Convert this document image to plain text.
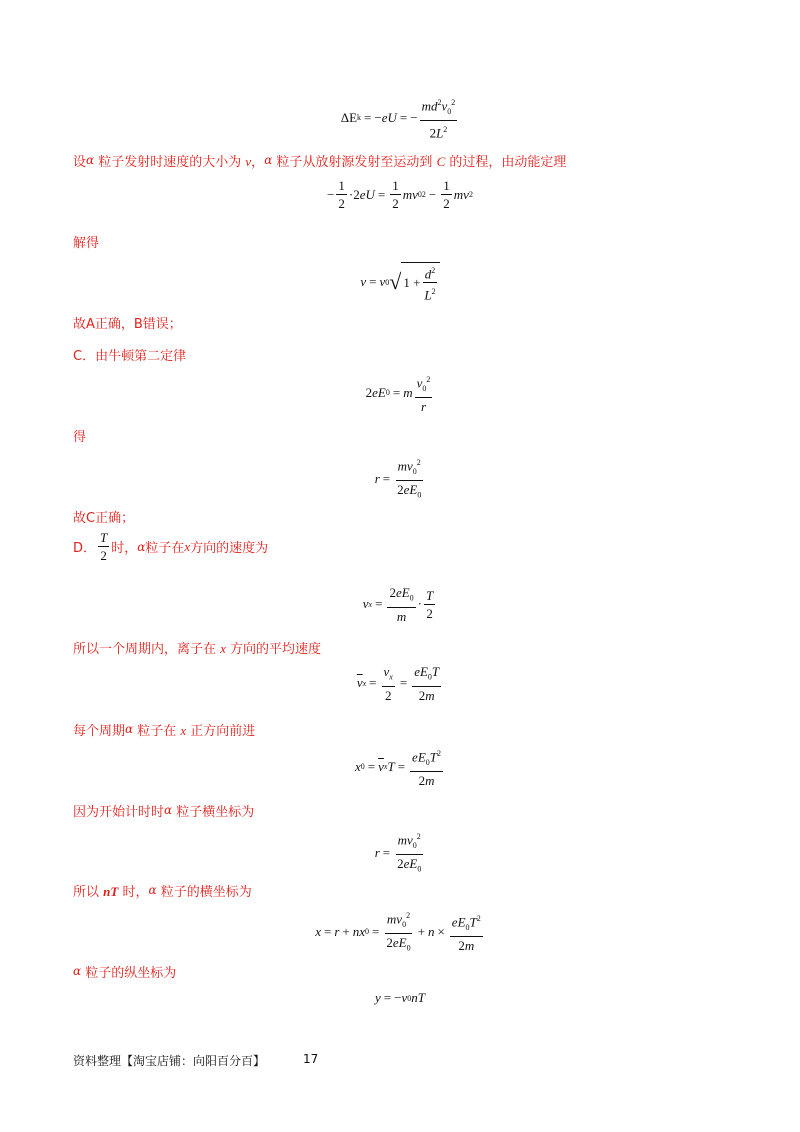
ΔE k = − eU = − $\frac{md^2v_0^2}{2L^2}$
设α 粒子发射时速度的大小为 v，α 粒子从放射源发射至运动到 C 的过程，由动能定理
− $\frac{1}{2} \cdot 2$ eU = $\frac{1}{2}$ mv 0 $2 - \frac{1}{2}$ mv 2
解得
v = v 0 √ $1 + \frac{d^2}{L^2}$
故A正确，B错误；
C．由牛顿第二定律
2 eE 0 = m $\frac{v_0^2}{r}$
得
$r = \frac{mv_0^2}{2eE_0}$
故C正确；
D． $\frac{T}{2}$ 时， α 粒子在 x 方向的速度为
v $x = \frac{2eE_0}{m} \cdot \frac{T}{2}$
所以一个周期内，离子在 x 方向的平均速度
$\overline{v}$ $x = \frac{v_x}{2} = \frac{eE_0T}{2m}$
每个周期α 粒子在 x 正方向前进
x $0 = \overline{v}$ x $T = \frac{eE_0T^2}{2m}$
因为开始计时时α 粒子横坐标为
$r = \frac{mv_0^2}{2eE_0}$
所以 nT 时，α 粒子的横坐标为
x = r + nx $0 = \frac{mv_0^2}{2eE_0} + n \times \frac{eE_0T^2}{2m}$
α 粒子的纵坐标为
y = − v 0 nT
资料整理【淘宝店铺：向阳百分百】	17
